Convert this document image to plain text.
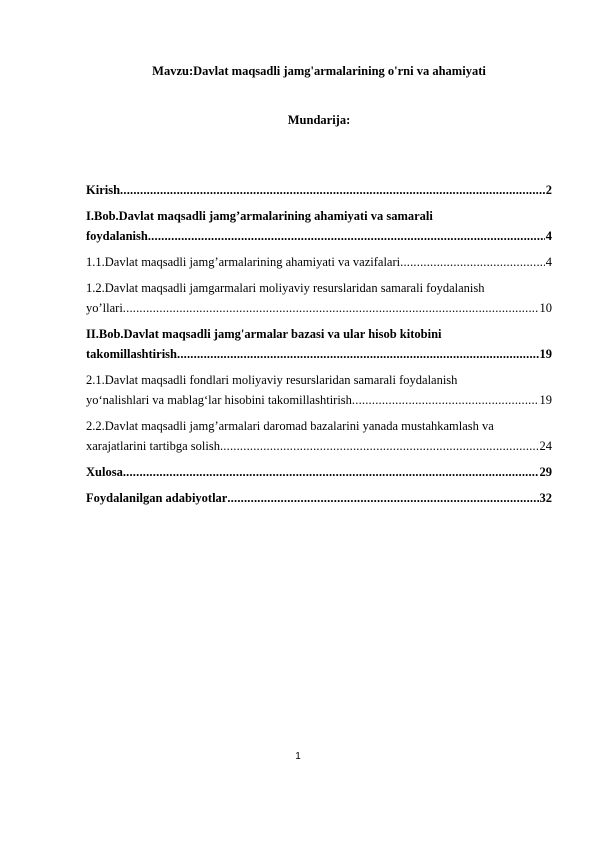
Mavzu:Davlat maqsadli jamg'armalarining o'rni va ahamiyati
Mundarija:
Kirish .....	2
I.Bob.Davlat maqsadli jamg’armalarining ahamiyati va samarali
foydalanish .....	4
1.1.Davlat maqsadli jamg’armalarining ahamiyati va vazifalari .....	4
1.2.Davlat maqsadli jamgarmalari moliyaviy resurslaridan samarali foydalanish
yo’llari .....	10
II.Bob.Davlat maqsadli jamg'armalar bazasi va ular hisob kitobini
takomillashtirish .....	19
2.1.Davlat maqsadli fondlari moliyaviy resurslaridan samarali foydalanish
yo‘nalishlari va mablag‘lar hisobini takomillashtirish .....	19
2.2.Davlat maqsadli jamg’armalari daromad bazalarini yanada mustahkamlash va
xarajatlarini tartibga solish .....	24
Xulosa .....	29
Foydalanilgan adabiyotlar .....	32
1
